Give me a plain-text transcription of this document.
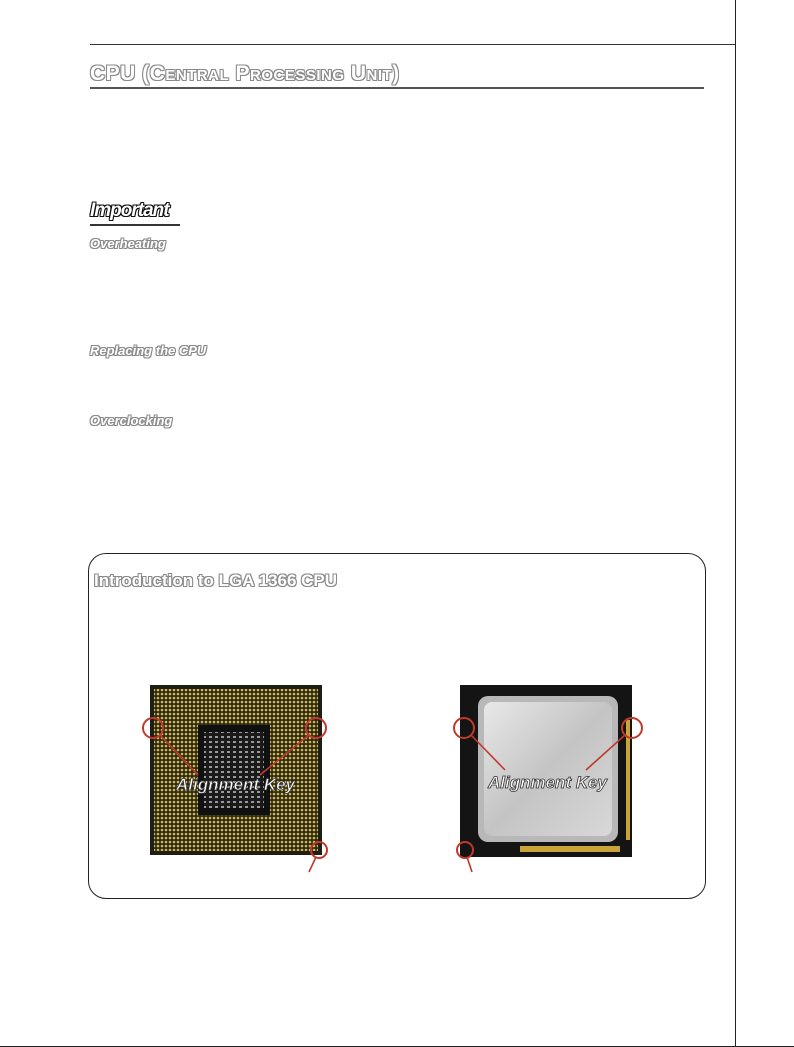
CPU (Central Processing Unit)
Important
Overheating
Replacing the CPU
Overclocking
Introduction to LGA 1366 CPU
Alignment Key	Alignment Key
